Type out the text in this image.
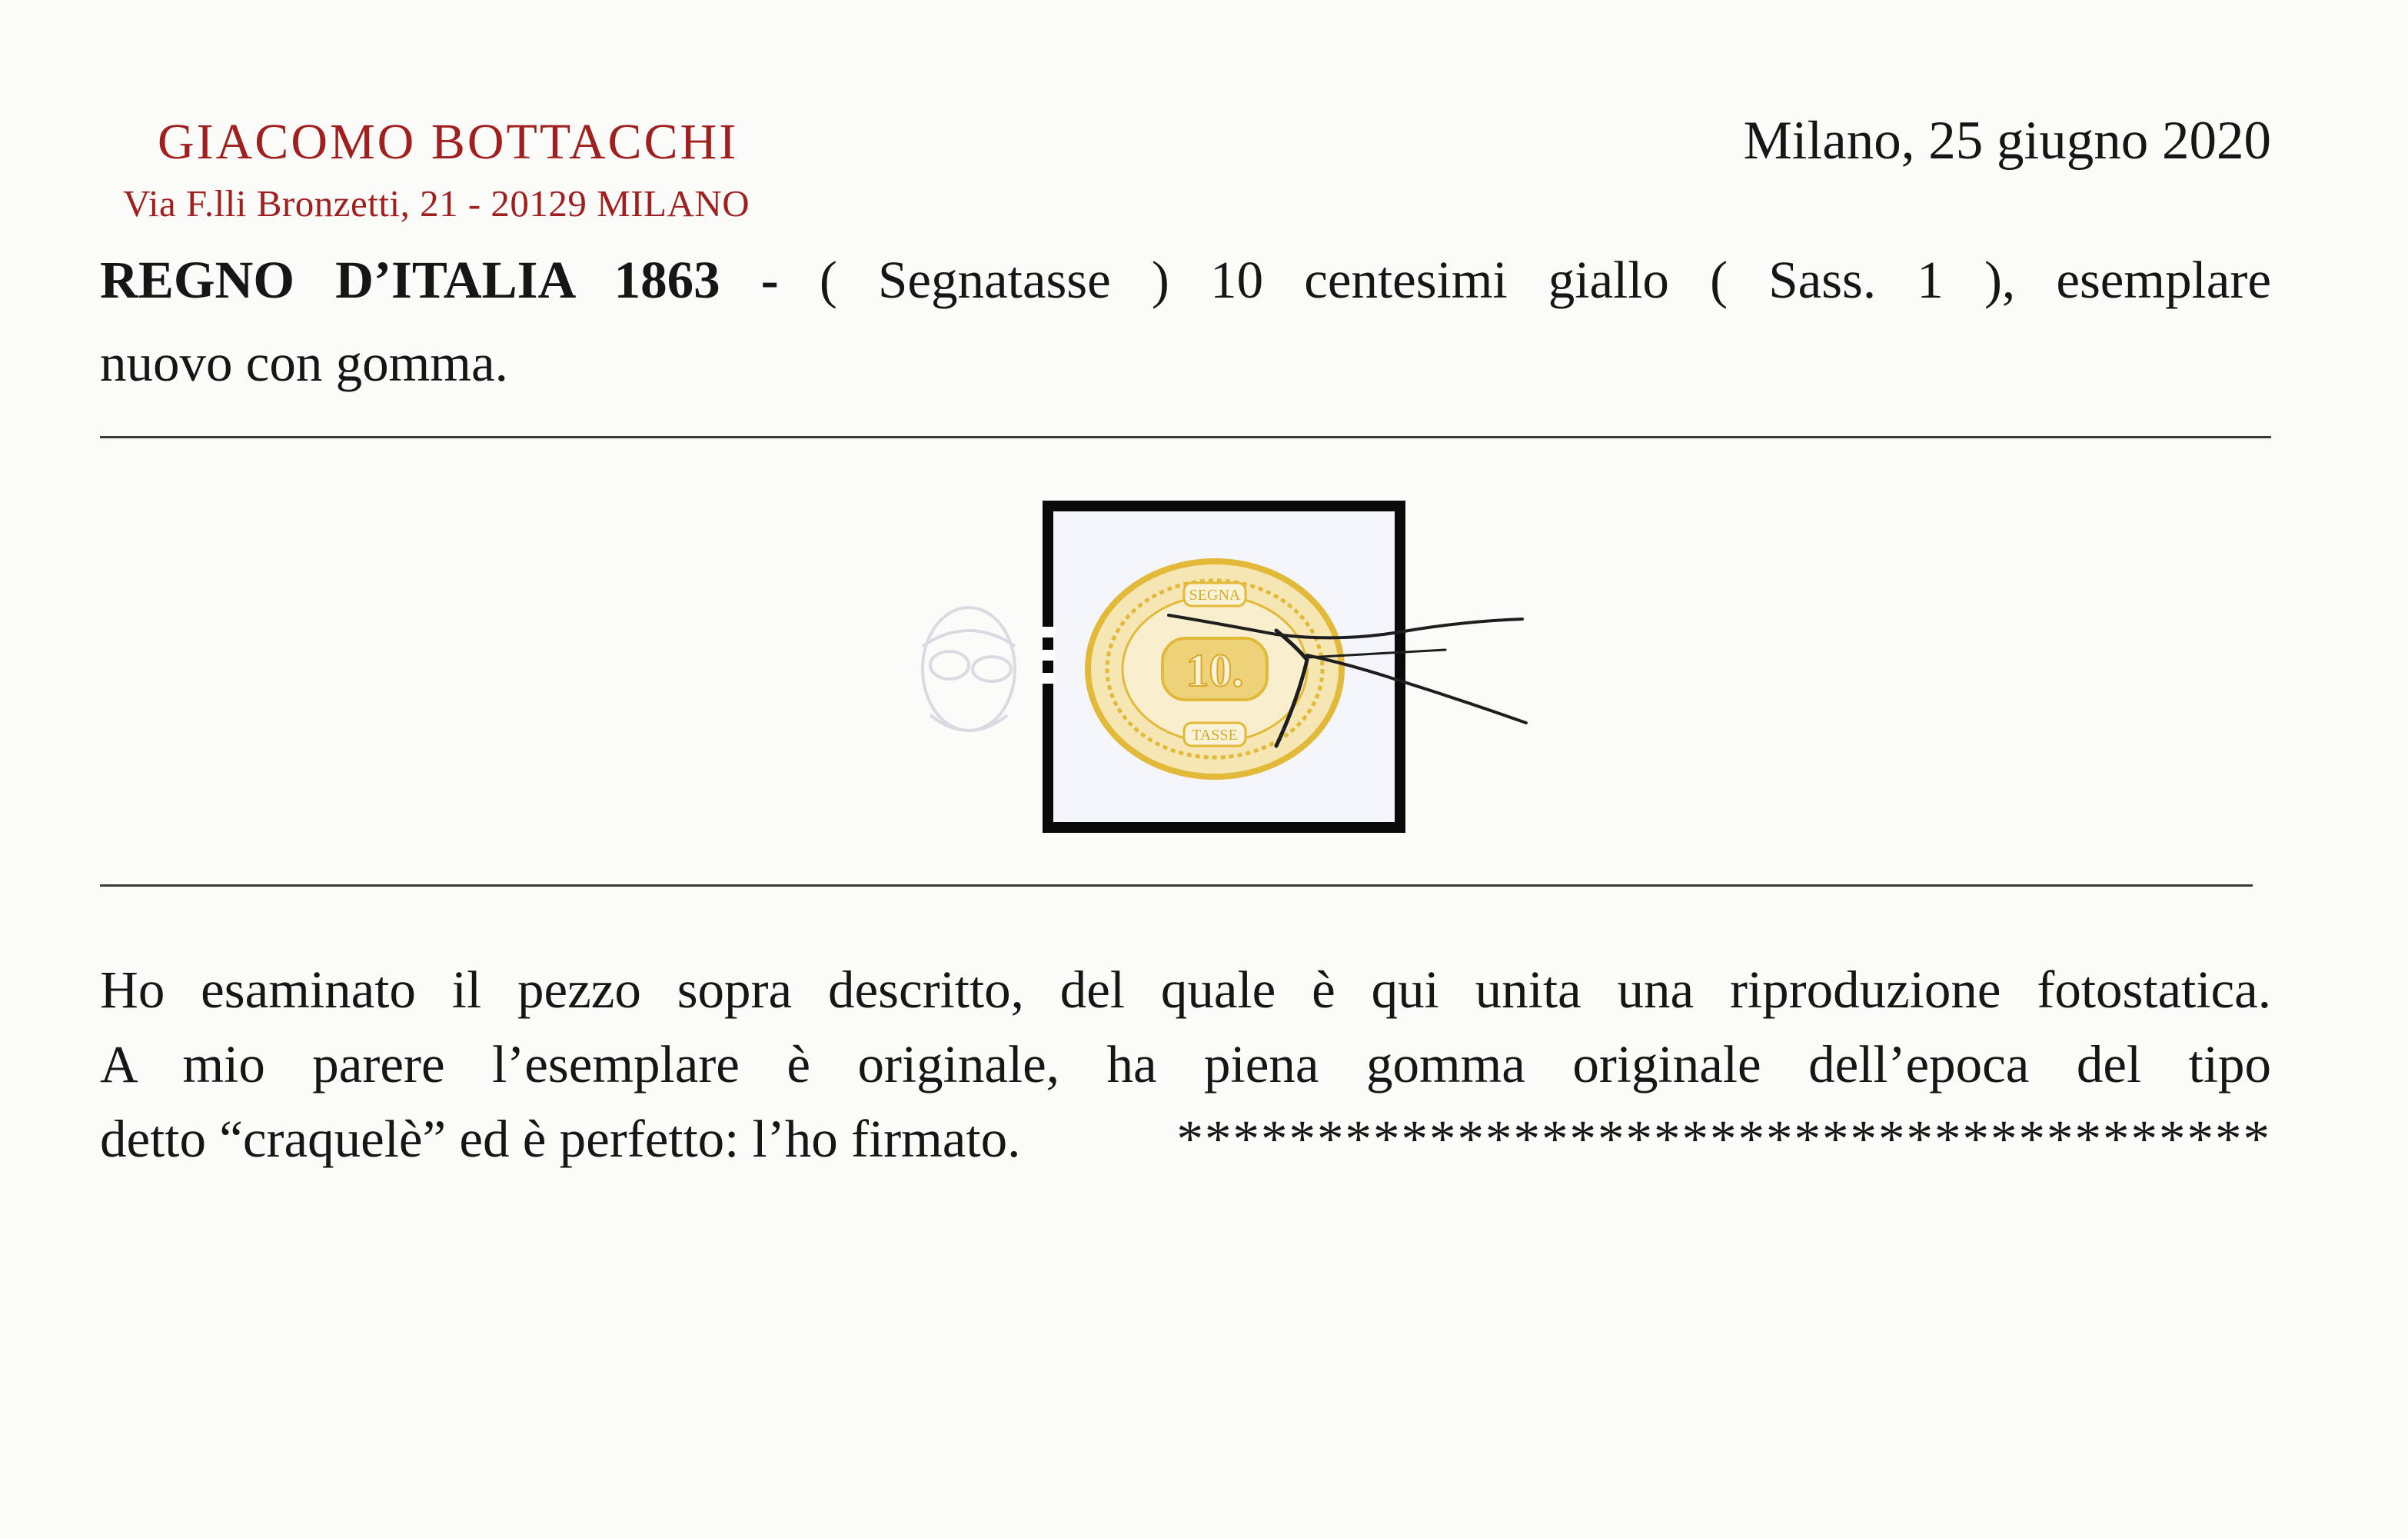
GIACOMO BOTTACCHI
Via F.lli Bronzetti, 21 - 20129 MILANO
Milano, 25 giugno 2020
REGNO D’ITALIA 1863 - ( Segnatasse ) 10 centesimi giallo ( Sass. 1 ), esemplare
nuovo con gomma.
10.
SEGNA
TASSE
Ho esaminato il pezzo sopra descritto, del quale è qui unita una riproduzione fotostatica.
A mio parere l’esemplare è originale, ha piena gomma originale dell’epoca del tipo
detto “craquelè” ed è perfetto: l’ho firmato.	***************************************
